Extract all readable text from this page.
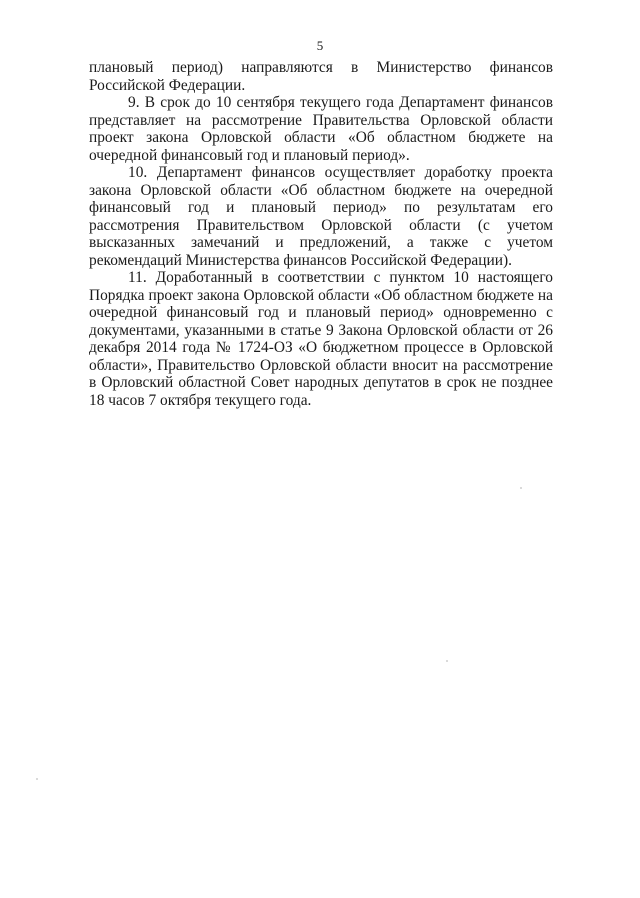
5

плановый период) направляются в Министерство финансов Российской Федерации.

9. В срок до 10 сентября текущего года Департамент финансов представляет на рассмотрение Правительства Орловской области проект закона Орловской области «Об областном бюджете на очередной финансовый год и плановый период».

10. Департамент финансов осуществляет доработку проекта закона Орловской области «Об областном бюджете на очередной финансовый год и плановый период» по результатам его рассмотрения Правительством Орловской области (с учетом высказанных замечаний и предложений, а также с учетом рекомендаций Министерства финансов Российской Федерации).

11. Доработанный в соответствии с пунктом 10 настоящего Порядка проект закона Орловской области «Об областном бюджете на очередной финансовый год и плановый период» одновременно с документами, указанными в статье 9 Закона Орловской области от 26 декабря 2014 года № 1724-ОЗ «О бюджетном процессе в Орловской области», Правительство Орловской области вносит на рассмотрение в Орловский областной Совет народных депутатов в срок не позднее 18 часов 7 октября текущего года.
